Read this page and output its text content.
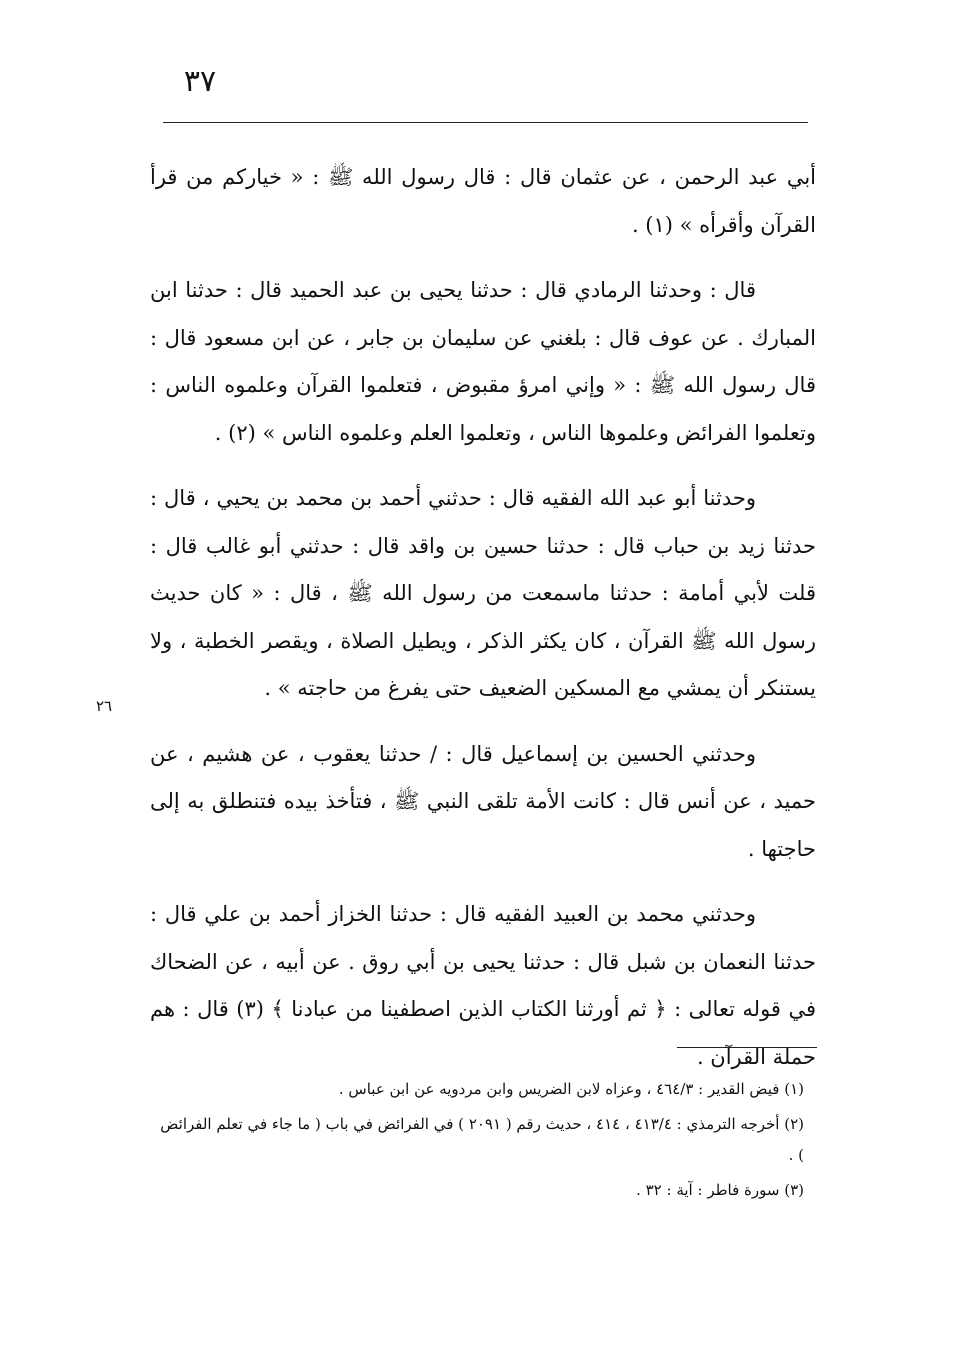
٣٧
٢٦

أبي عبد الرحمن ، عن عثمان قال : قال رسول الله ﷺ : « خياركم من قرأ القرآن وأقرأه » (١) .

قال : وحدثنا الرمادي قال : حدثنا يحيى بن عبد الحميد قال : حدثنا ابن المبارك . عن عوف قال : بلغني عن سليمان بن جابر ، عن ابن مسعود قال : قال رسول الله ﷺ : « وإني امرؤ مقبوض ، فتعلموا القرآن وعلموه الناس : وتعلموا الفرائض وعلموها الناس ، وتعلموا العلم وعلموه الناس » (٢) .

وحدثنا أبو عبد الله الفقيه قال : حدثني أحمد بن محمد بن يحيي ، قال : حدثنا زيد بن حباب قال : حدثنا حسين بن واقد قال : حدثني أبو غالب قال : قلت لأبي أمامة : حدثنا ماسمعت من رسول الله ﷺ ، قال : « كان حديث رسول الله ﷺ القرآن ، كان يكثر الذكر ، ويطيل الصلاة ، ويقصر الخطبة ، ولا يستنكر أن يمشي مع المسكين الضعيف حتى يفرغ من حاجته » .

وحدثني الحسين بن إسماعيل قال : / حدثنا يعقوب ، عن هشيم ، عن حميد ، عن أنس قال : كانت الأمة تلقى النبي ﷺ ، فتأخذ بيده فتنطلق به إلى حاجتها .

وحدثني محمد بن العبيد الفقيه قال : حدثنا الخزاز أحمد بن علي قال : حدثنا النعمان بن شبل قال : حدثنا يحيى بن أبي روق . عن أبيه ، عن الضحاك في قوله تعالى : ﴿ ثم أورثنا الكتاب الذين اصطفينا من عبادنا ﴾ (٣) قال : هم حملة القرآن .

(١) فيض القدير : ٤٦٤/٣ ، وعزاه لابن الضريس وابن مردويه عن ابن عباس .

(٢) أخرجه الترمذي : ٤١٣/٤ ، ٤١٤ ، حديث رقم ( ٢٠٩١ ) في الفرائض في باب ( ما جاء في تعلم الفرائض ) .

(٣) سورة فاطر : آية : ٣٢ .
